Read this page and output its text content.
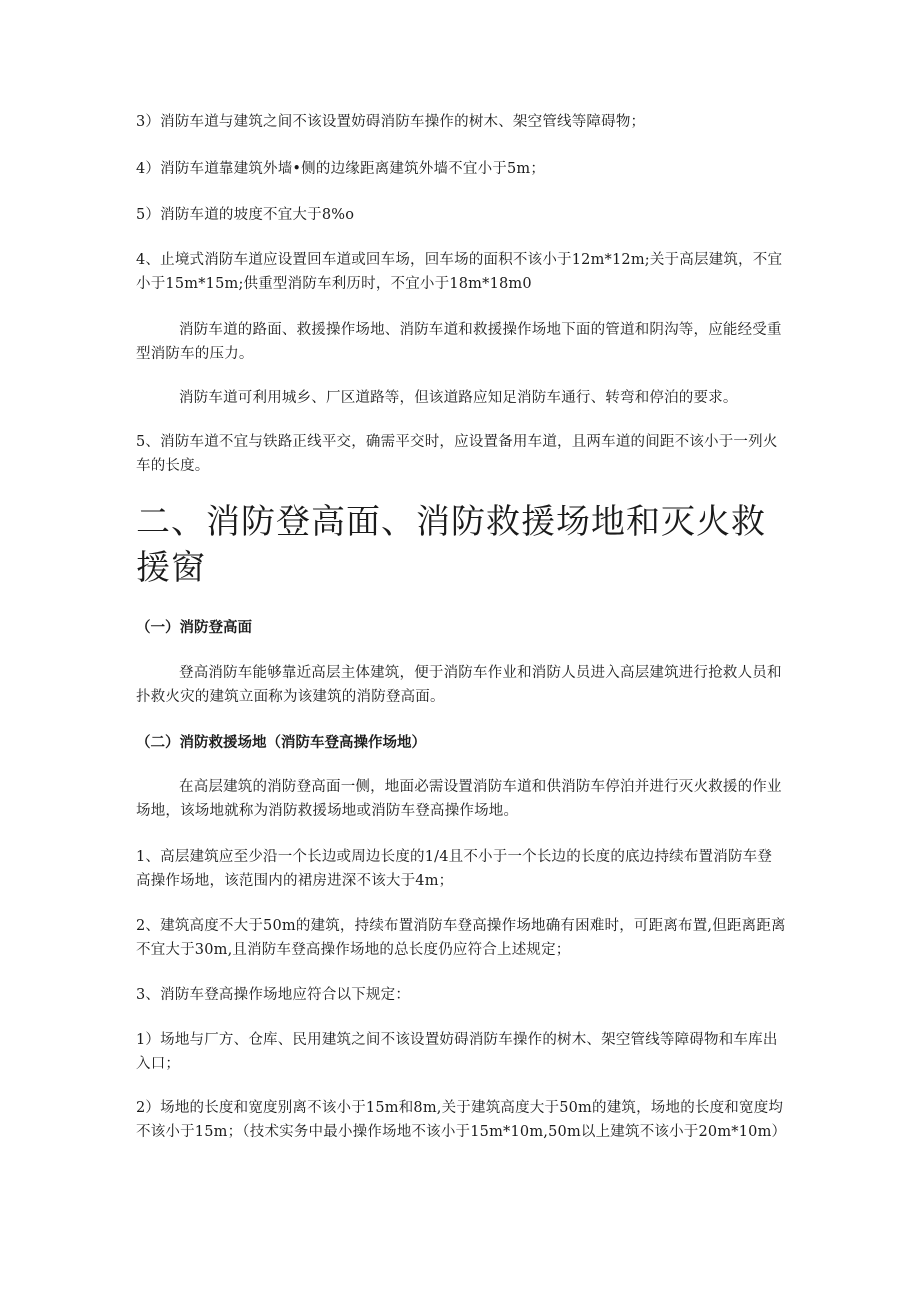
3）消防车道与建筑之间不该设置妨碍消防车操作的树木、架空管线等障碍物；
4）消防车道靠建筑外墙•侧的边缘距离建筑外墙不宜小于5m；
5）消防车道的坡度不宜大于8%o
4、止境式消防车道应设置回车道或回车场，回车场的面积不该小于12m*12m;关于高层建筑，不宜小于15m*15m;供重型消防车利历时，不宜小于18m*18m0
消防车道的路面、救援操作场地、消防车道和救援操作场地下面的管道和阴沟等，应能经受重型消防车的压力。
消防车道可利用城乡、厂区道路等，但该道路应知足消防车通行、转弯和停泊的要求。
5、消防车道不宜与铁路正线平交，确需平交时，应设置备用车道，且两车道的间距不该小于一列火车的长度。
二、消防登高面、消防救援场地和灭火救援窗
（一）消防登高面
登高消防车能够靠近高层主体建筑，便于消防车作业和消防人员进入高层建筑进行抢救人员和扑救火灾的建筑立面称为该建筑的消防登高面。
（二）消防救援场地（消防车登高操作场地）
在高层建筑的消防登高面一侧，地面必需设置消防车道和供消防车停泊并进行灭火救援的作业场地，该场地就称为消防救援场地或消防车登高操作场地。
1、高层建筑应至少沿一个长边或周边长度的1/4且不小于一个长边的长度的底边持续布置消防车登高操作场地，该范围内的裙房进深不该大于4m；
2、建筑高度不大于50m的建筑，持续布置消防车登高操作场地确有困难时，可距离布置,但距离距离不宜大于30m,且消防车登高操作场地的总长度仍应符合上述规定；
3、消防车登高操作场地应符合以下规定：
1）场地与厂方、仓库、民用建筑之间不该设置妨碍消防车操作的树木、架空管线等障碍物和车库出入口；
2）场地的长度和宽度别离不该小于15m和8m,关于建筑高度大于50m的建筑，场地的长度和宽度均不该小于15m；（技术实务中最小操作场地不该小于15m*10m,50m以上建筑不该小于20m*10m）
